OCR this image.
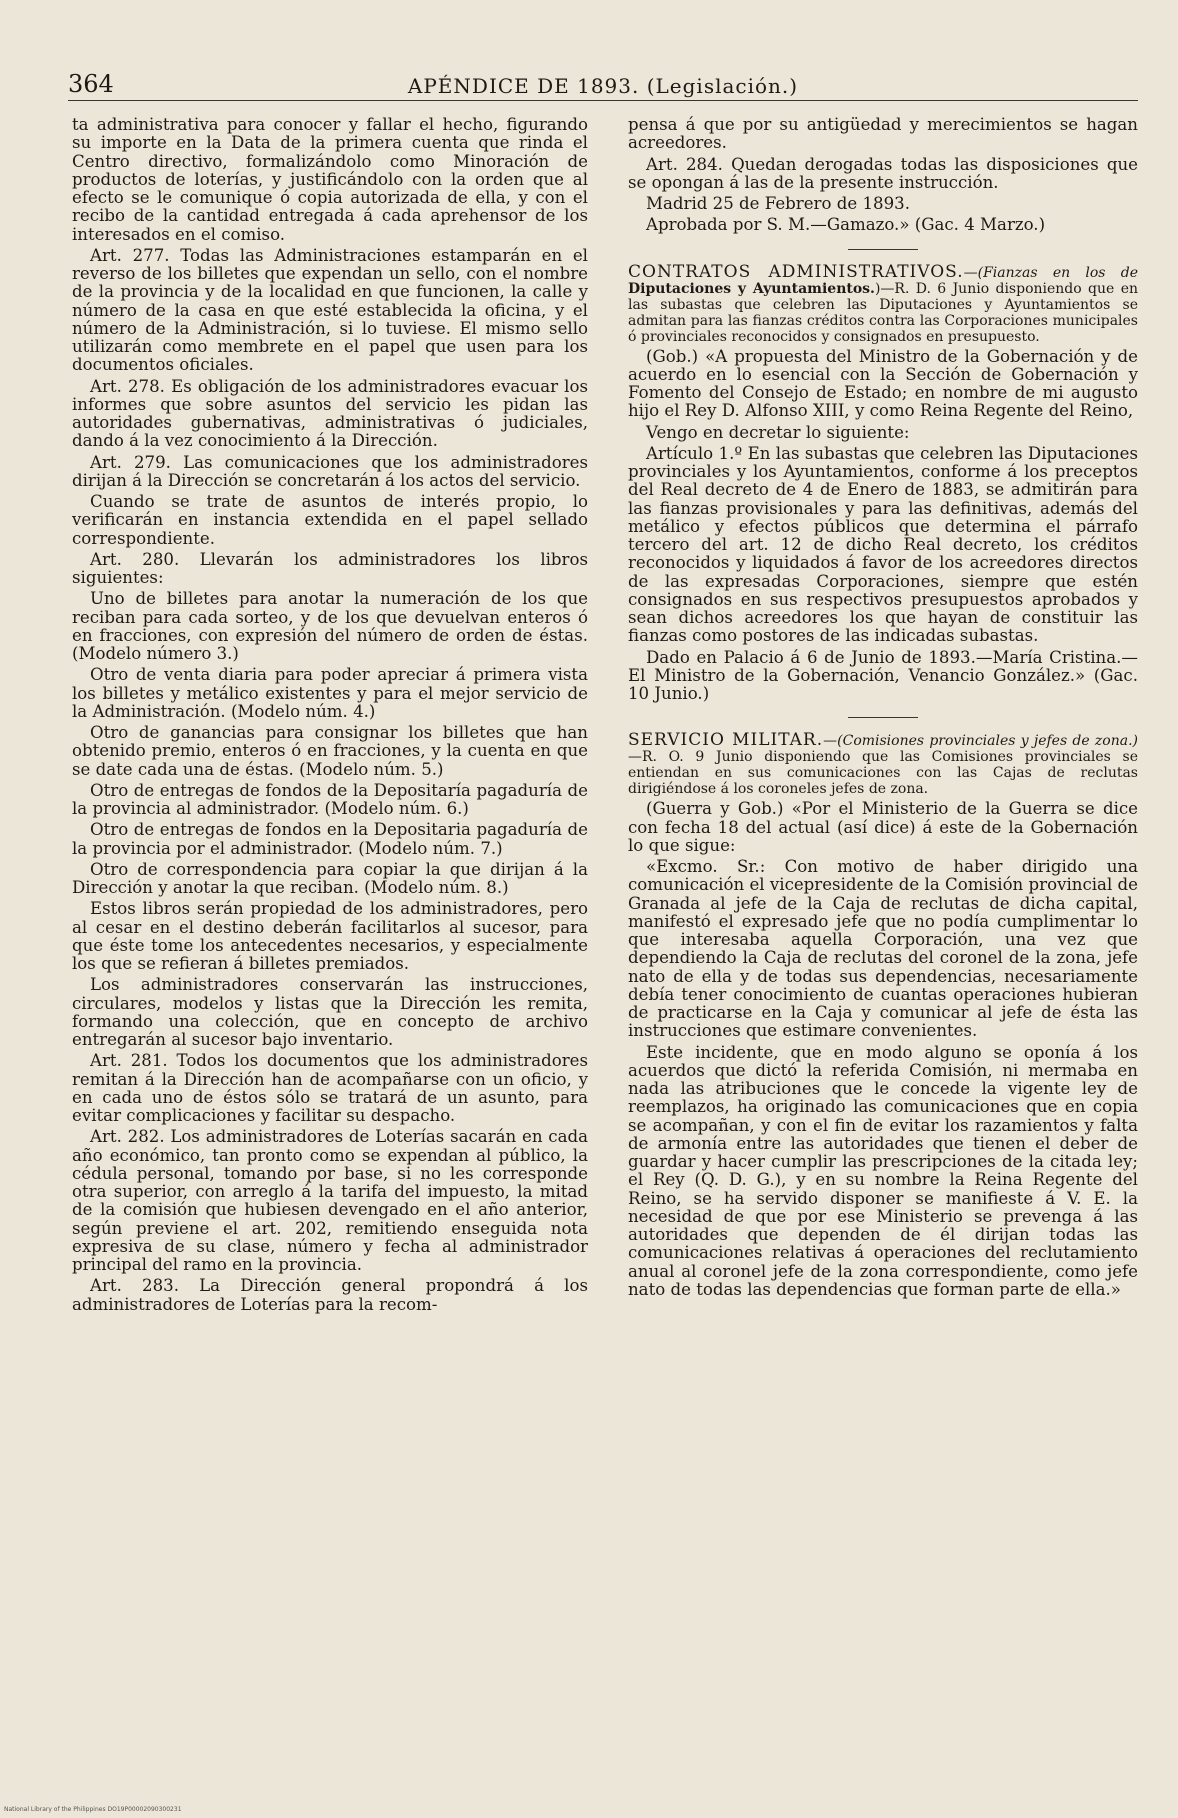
364	APÉNDICE DE 1893. (Legislación.)

ta administrativa para conocer y fallar el hecho, figurando su importe en la Data de la primera cuenta que rinda el Centro directivo, formalizándolo como Minoración de productos de loterías, y justificándolo con la orden que al efecto se le comunique ó copia autorizada de ella, y con el recibo de la cantidad entregada á cada aprehensor de los interesados en el comiso.

Art. 277. Todas las Administraciones estamparán en el reverso de los billetes que expendan un sello, con el nombre de la provincia y de la localidad en que funcionen, la calle y número de la casa en que esté establecida la oficina, y el número de la Administración, si lo tuviese. El mismo sello utilizarán como membrete en el papel que usen para los documentos oficiales.

Art. 278. Es obligación de los administradores evacuar los informes que sobre asuntos del servicio les pidan las autoridades gubernativas, administrativas ó judiciales, dando á la vez conocimiento á la Dirección.

Art. 279. Las comunicaciones que los administradores dirijan á la Dirección se concretarán á los actos del servicio.

Cuando se trate de asuntos de interés propio, lo verificarán en instancia extendida en el papel sellado correspondiente.

Art. 280. Llevarán los administradores los libros siguientes:

Uno de billetes para anotar la numeración de los que reciban para cada sorteo, y de los que devuelvan enteros ó en fracciones, con expresión del número de orden de éstas. (Modelo número 3.)

Otro de venta diaria para poder apreciar á primera vista los billetes y metálico existentes y para el mejor servicio de la Administración. (Modelo núm. 4.)

Otro de ganancias para consignar los billetes que han obtenido premio, enteros ó en fracciones, y la cuenta en que se date cada una de éstas. (Modelo núm. 5.)

Otro de entregas de fondos de la Depositaría pagaduría de la provincia al administrador. (Modelo núm. 6.)

Otro de entregas de fondos en la Depositaria pagaduría de la provincia por el administrador. (Modelo núm. 7.)

Otro de correspondencia para copiar la que dirijan á la Dirección y anotar la que reciban. (Modelo núm. 8.)

Estos libros serán propiedad de los administradores, pero al cesar en el destino deberán facilitarlos al sucesor, para que éste tome los antecedentes necesarios, y especialmente los que se refieran á billetes premiados.

Los administradores conservarán las instrucciones, circulares, modelos y listas que la Dirección les remita, formando una colección, que en concepto de archivo entregarán al sucesor bajo inventario.

Art. 281. Todos los documentos que los administradores remitan á la Dirección han de acompañarse con un oficio, y en cada uno de éstos sólo se tratará de un asunto, para evitar complicaciones y facilitar su despacho.

Art. 282. Los administradores de Loterías sacarán en cada año económico, tan pronto como se expendan al público, la cédula personal, tomando por base, si no les corresponde otra superior, con arreglo á la tarifa del impuesto, la mitad de la comisión que hubiesen devengado en el año anterior, según previene el art. 202, remitiendo enseguida nota expresiva de su clase, número y fecha al administrador principal del ramo en la provincia.

Art. 283. La Dirección general propondrá á los administradores de Loterías para la recom-

pensa á que por su antigüedad y merecimientos se hagan acreedores.

Art. 284. Quedan derogadas todas las disposiciones que se opongan á las de la presente instrucción.

Madrid 25 de Febrero de 1893.

Aprobada por S. M.—Gamazo.» (Gac. 4 Marzo.)

CONTRATOS ADMINISTRATIVOS.—(Fianzas en los de Diputaciones y Ayuntamientos.)—R. D. 6 Junio disponiendo que en las subastas que celebren las Diputaciones y Ayuntamientos se admitan para las fianzas créditos contra las Corporaciones municipales ó provinciales reconocidos y consignados en presupuesto.

(Gob.) «A propuesta del Ministro de la Gobernación y de acuerdo en lo esencial con la Sección de Gobernación y Fomento del Consejo de Estado; en nombre de mi augusto hijo el Rey D. Alfonso XIII, y como Reina Regente del Reino,

Vengo en decretar lo siguiente:

Artículo 1.º En las subastas que celebren las Diputaciones provinciales y los Ayuntamientos, conforme á los preceptos del Real decreto de 4 de Enero de 1883, se admitirán para las fianzas provisionales y para las definitivas, además del metálico y efectos públicos que determina el párrafo tercero del art. 12 de dicho Real decreto, los créditos reconocidos y liquidados á favor de los acreedores directos de las expresadas Corporaciones, siempre que estén consignados en sus respectivos presupuestos aprobados y sean dichos acreedores los que hayan de constituir las fianzas como postores de las indicadas subastas.

Dado en Palacio á 6 de Junio de 1893.—María Cristina.—El Ministro de la Gobernación, Venancio González.» (Gac. 10 Junio.)

SERVICIO MILITAR.—(Comisiones provinciales y jefes de zona.)—R. O. 9 Junio disponiendo que las Comisiones provinciales se entiendan en sus comunicaciones con las Cajas de reclutas dirigiéndose á los coroneles jefes de zona.

(Guerra y Gob.) «Por el Ministerio de la Guerra se dice con fecha 18 del actual (así dice) á este de la Gobernación lo que sigue:

«Excmo. Sr.: Con motivo de haber dirigido una comunicación el vicepresidente de la Comisión provincial de Granada al jefe de la Caja de reclutas de dicha capital, manifestó el expresado jefe que no podía cumplimentar lo que interesaba aquella Corporación, una vez que dependiendo la Caja de reclutas del coronel de la zona, jefe nato de ella y de todas sus dependencias, necesariamente debía tener conocimiento de cuantas operaciones hubieran de practicarse en la Caja y comunicar al jefe de ésta las instrucciones que estimare convenientes.

Este incidente, que en modo alguno se oponía á los acuerdos que dictó la referida Comisión, ni mermaba en nada las atribuciones que le concede la vigente ley de reemplazos, ha originado las comunicaciones que en copia se acompañan, y con el fin de evitar los razamientos y falta de armonía entre las autoridades que tienen el deber de guardar y hacer cumplir las prescripciones de la citada ley; el Rey (Q. D. G.), y en su nombre la Reina Regente del Reino, se ha servido disponer se manifieste á V. E. la necesidad de que por ese Ministerio se prevenga á las autoridades que dependen de él dirijan todas las comunicaciones relativas á operaciones del reclutamiento anual al coronel jefe de la zona correspondiente, como jefe nato de todas las dependencias que forman parte de ella.»

National Library of the Philippines DO19P00002090300231
